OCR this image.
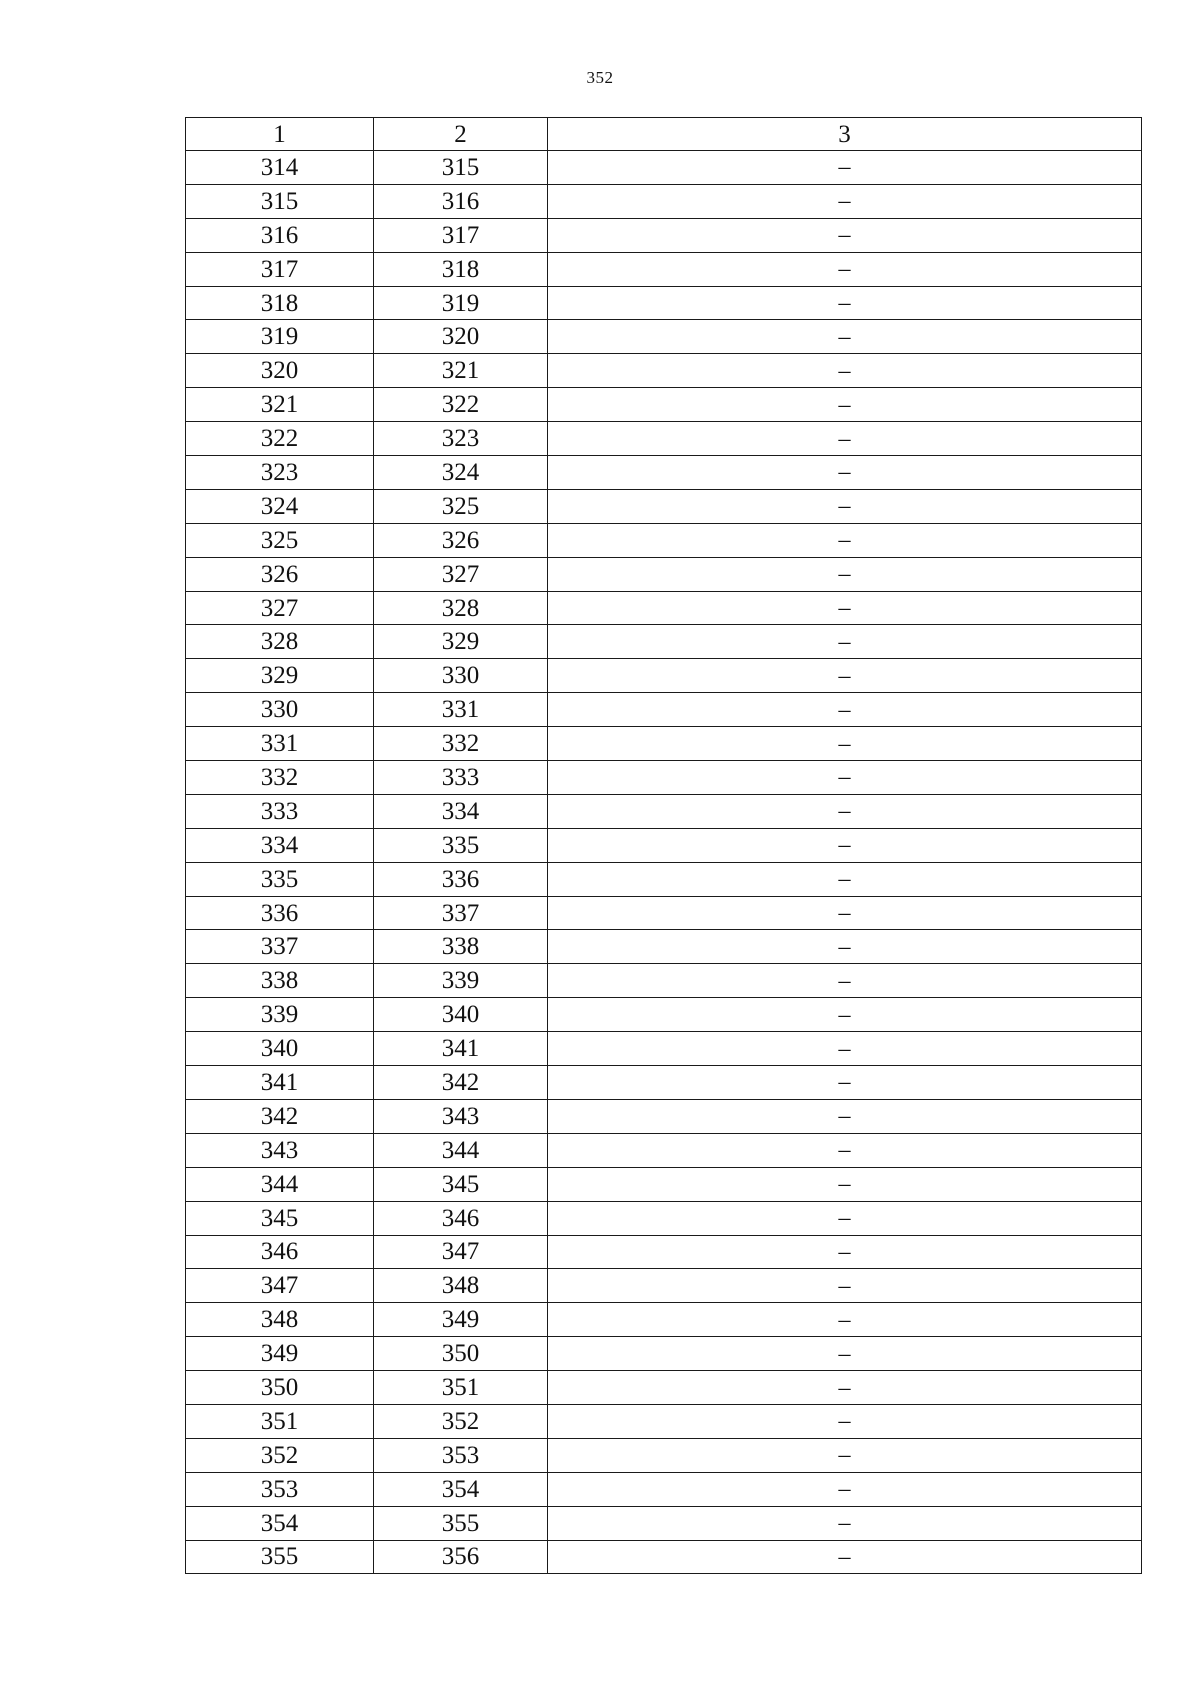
352
1	2	3
314	315	–
315	316	–
316	317	–
317	318	–
318	319	–
319	320	–
320	321	–
321	322	–
322	323	–
323	324	–
324	325	–
325	326	–
326	327	–
327	328	–
328	329	–
329	330	–
330	331	–
331	332	–
332	333	–
333	334	–
334	335	–
335	336	–
336	337	–
337	338	–
338	339	–
339	340	–
340	341	–
341	342	–
342	343	–
343	344	–
344	345	–
345	346	–
346	347	–
347	348	–
348	349	–
349	350	–
350	351	–
351	352	–
352	353	–
353	354	–
354	355	–
355	356	–
